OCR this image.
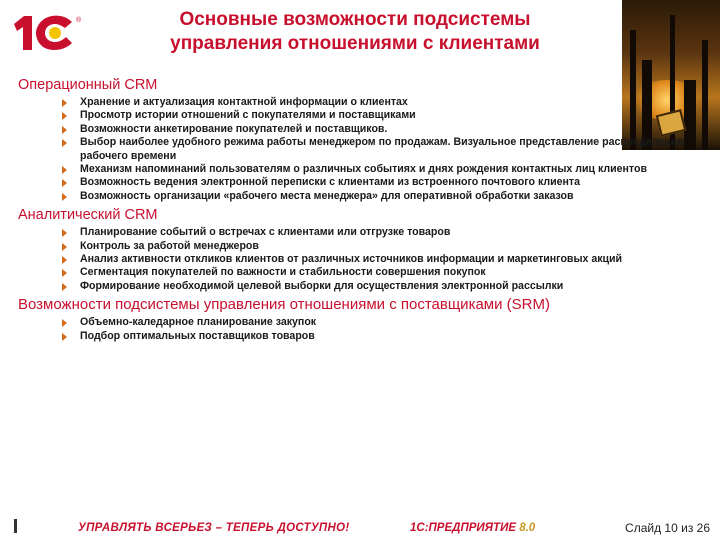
®	Основные возможности подсистемы
управления отношениями с клиентами
Операционный CRM
Хранение и актуализация контактной информации о клиентах
Просмотр истории отношений с покупателями и поставщиками
Возможности анкетирование покупателей и поставщиков.
Выбор наиболее удобного режима работы менеджером по продажам. Визуальное представление распределения рабочего времени
Механизм напоминаний пользователям о различных событиях и днях рождения контактных лиц клиентов
Возможность ведения электронной переписки с клиентами из встроенного почтового клиента
Возможность организации «рабочего места менеджера» для оперативной обработки заказов
Аналитический CRM
Планирование событий о встречах с клиентами или отгрузке товаров
Контроль за работой менеджеров
Анализ активности откликов клиентов от различных источников информации и маркетинговых акций
Сегментация покупателей по важности и стабильности совершения покупок
Формирование необходимой целевой выборки для осуществления электронной рассылки
Возможности подсистемы управления отношениями с поставщиками (SRM)
Объемно-каледарное планирование закупок
Подбор оптимальных поставщиков товаров
УПРАВЛЯТЬ ВСЕРЬЕЗ – ТЕПЕРЬ ДОСТУПНО!	1С:ПРЕДПРИЯТИЕ 8.0	Слайд 10 из 26
